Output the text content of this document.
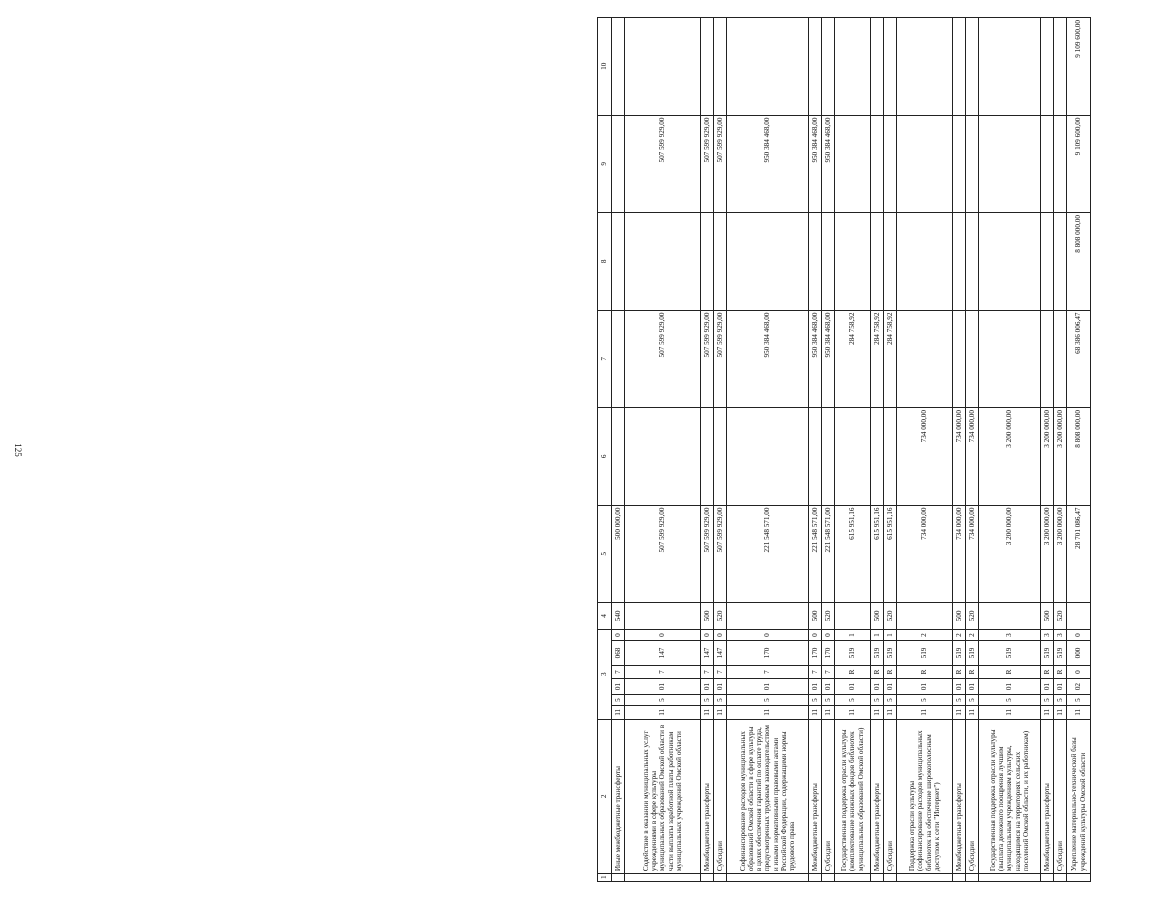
125
1	2	3						4	5	6	7	8	9	10
	Иные межбюджетные трансферты	11	5	01	7	068	0	540	500 000,00					
	Содействие в оказании муниципальных услуг учреждениями в сфере культуры муниципальных образований Омской области в части выплаты заработной платы работникам муниципальных учреждений Омской области	11	5	01	7	147	0		507 599 929,00		507 599 929,00		507 599 929,00	
	Межбюджетные трансферты	11	5	01	7	147	0	500	507 599 929,00		507 599 929,00		507 599 929,00	
	Субсидии	11	5	01	7	147	0	520	507 599 929,00		507 599 929,00		507 599 929,00	
	Софинансирование расходов муниципальных образований Омской области в сфере культуры в целях обеспечения гарантий по оплате труда, предусмотренных трудовым законодательством и иными нормативными правовыми актами Российской Федерации, содержащими нормы трудового права	11	5	01	7	170	0		221 548 571,00		950 384 468,00		950 384 468,00	
	Межбюджетные трансферты	11	5	01	7	170	0	500	221 548 571,00		950 384 468,00		950 384 468,00	
	Субсидии	11	5	01	7	170	0	520	221 548 571,00		950 384 468,00		950 384 468,00	
	Государственная поддержка отрасли культуры (комплектование книжных фондов библиотек муниципальных образований Омской области)	11	5	01	R	519	1		615 951,16		284 758,92			
	Межбюджетные трансферты	11	5	01	R	519	1	500	615 951,16		284 758,92			
	Субсидии	11	5	01	R	519	1	520	615 951,16		284 758,92			
	Поддержка отрасли культуры (софинансирование расходов муниципальных библиотек на обеспечение широкополосным доступом к сети "Интернет")	11	5	01	R	519	2		734 000,00	734 000,00				
	Межбюджетные трансферты	11	5	01	R	519	2	500	734 000,00	734 000,00				
	Субсидии	11	5	01	R	519	2	520	734 000,00	734 000,00				
	Государственная поддержка отрасли культуры (выплата денежного поощрения лучшим муниципальным учреждениям культуры, находящимся на территориях сельских поселений Омской области, и их работникам)	11	5	01	R	519	3		3 200 000,00	3 200 000,00				
	Межбюджетные трансферты	11	5	01	R	519	3	500	3 200 000,00	3 200 000,00				
	Субсидии	11	5	01	R	519	3	520	3 200 000,00	3 200 000,00				
	Укрепление материально-технической базы учреждений культуры Омской области	11	5	02	0	000	0		28 701 086,47	8 808 000,00	68 386 006,47	8 808 000,00	9 109 600,00	9 109 600,00
